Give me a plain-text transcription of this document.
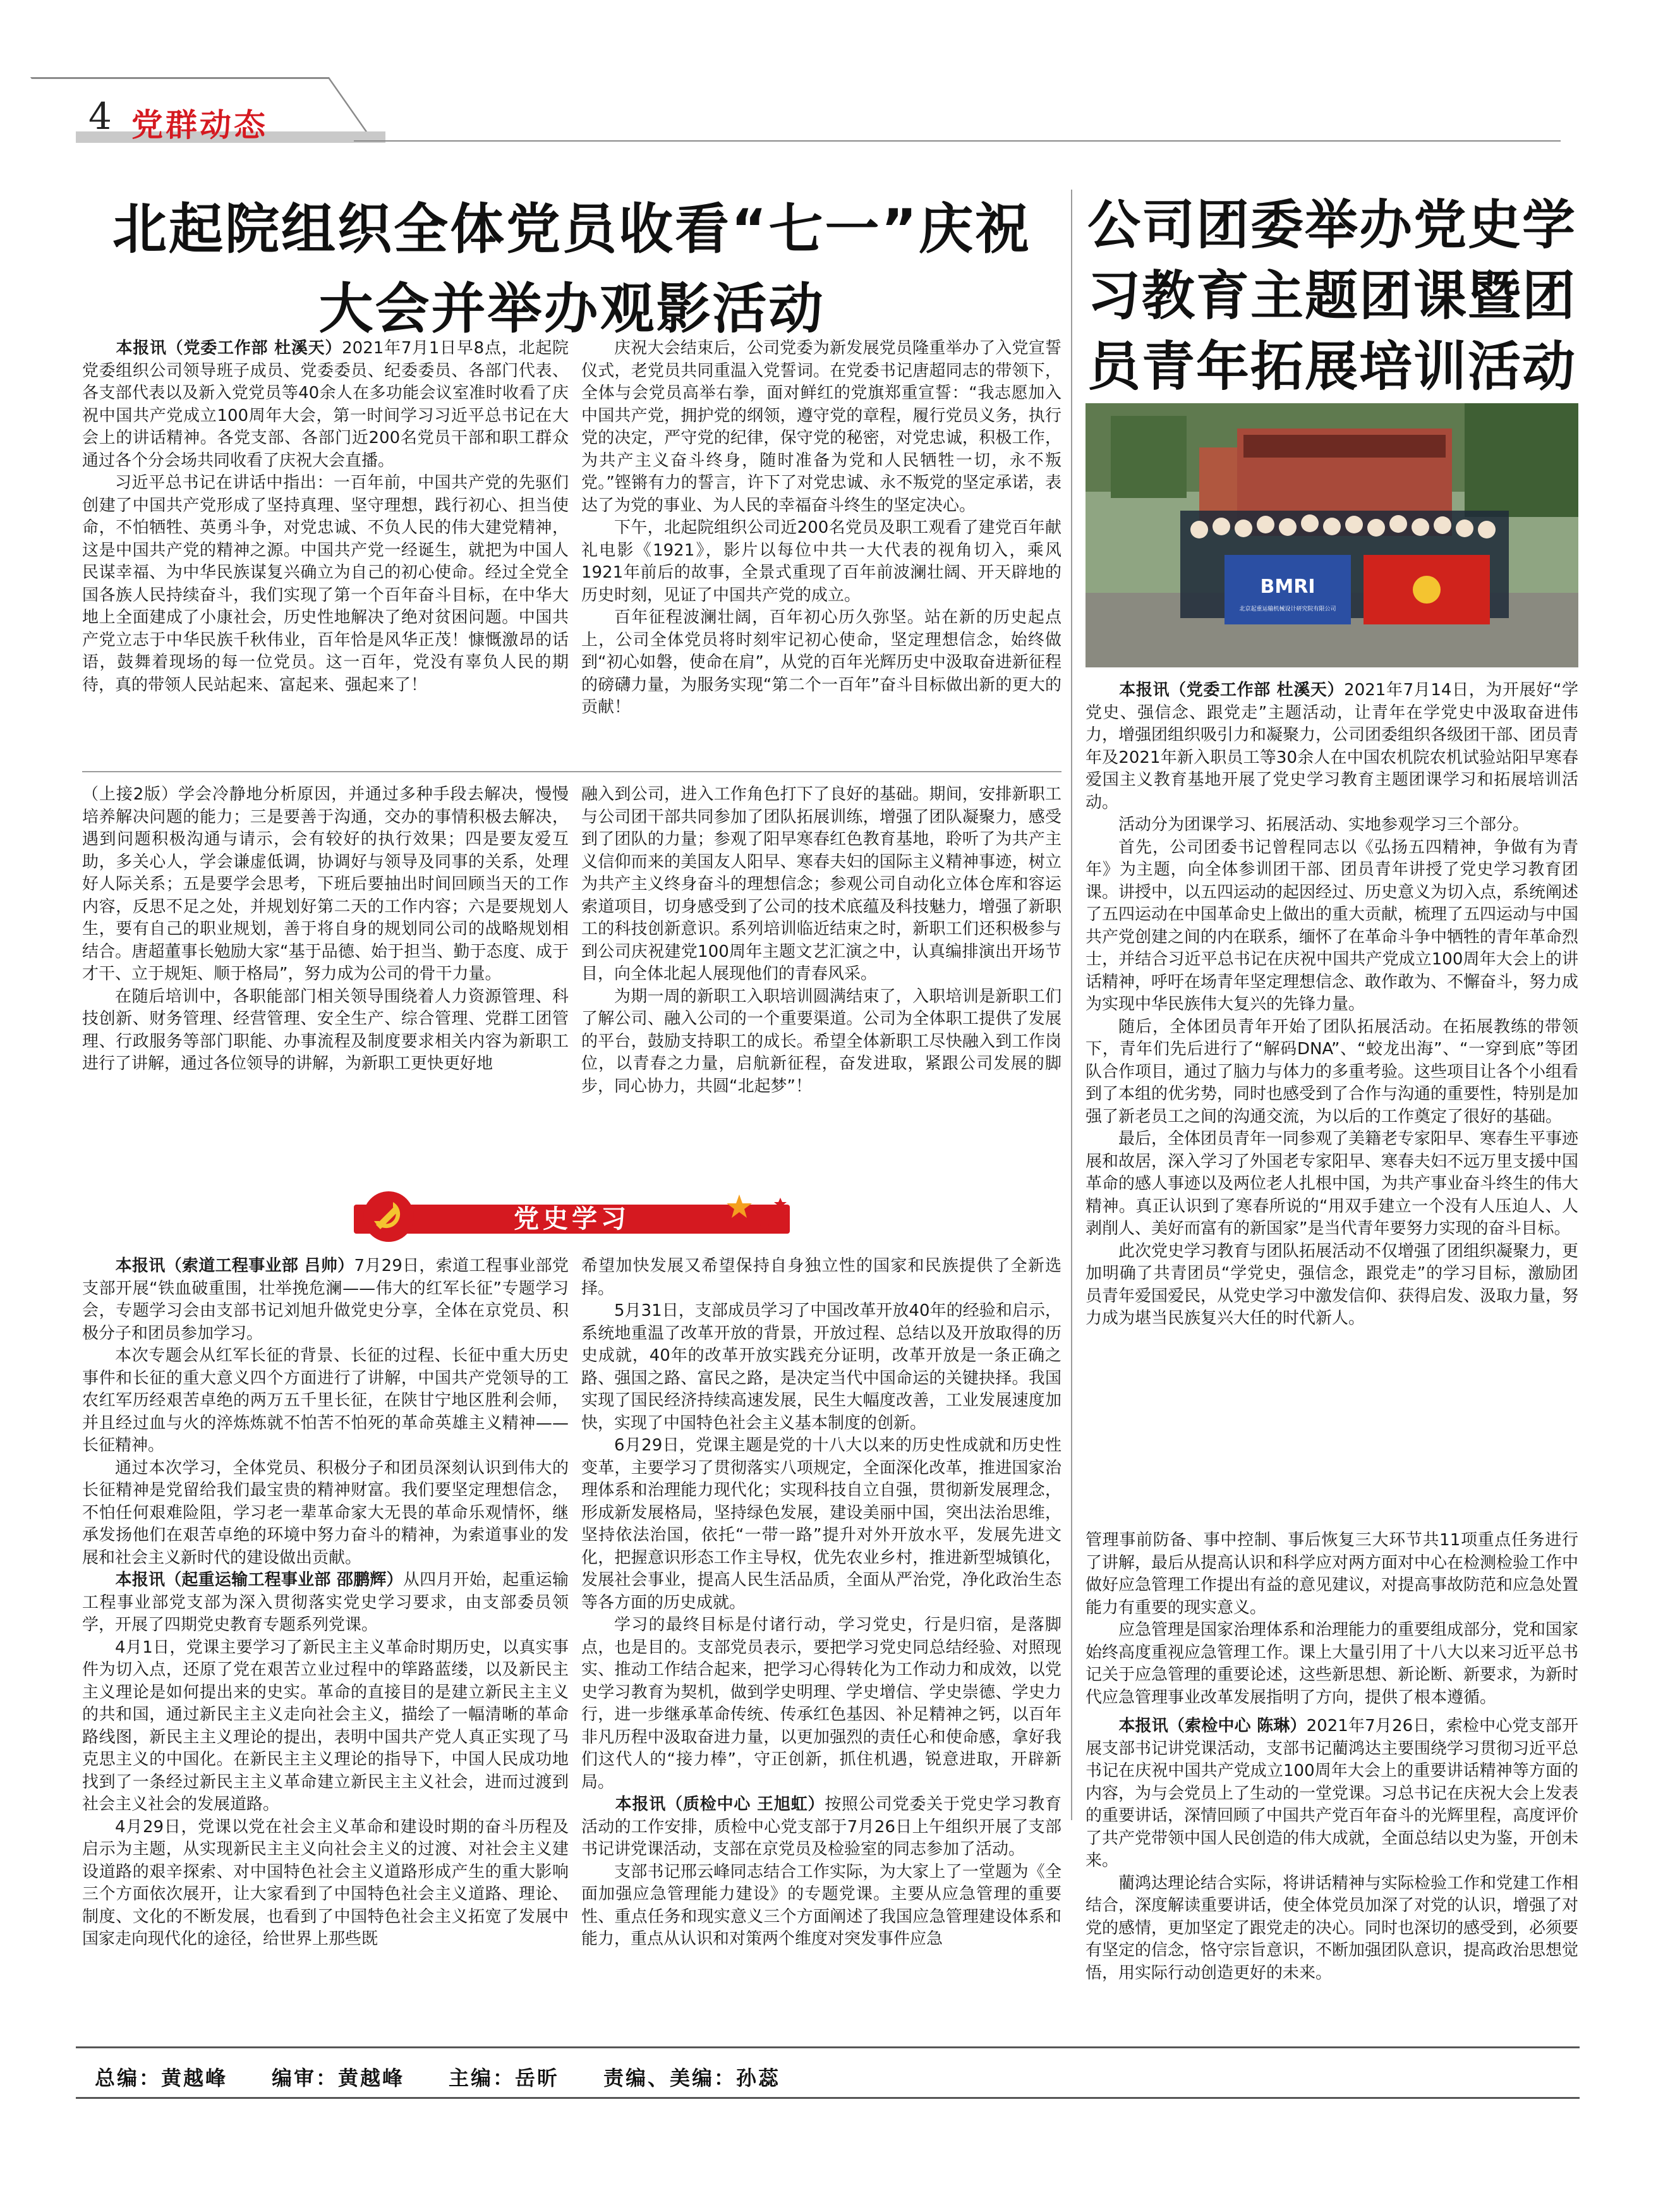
4 党群动态
北起院组织全体党员收看“七一”庆祝
大会并举办观影活动
公司团委举办党史学
习教育主题团课暨团
员青年拓展培训活动

　　本报讯（党委工作部 杜溪天）2021年7月1日早8点，北起院党委组织公司领导班子成员、党委委员、纪委委员、各部门代表、各支部代表以及新入党党员等40余人在多功能会议室准时收看了庆祝中国共产党成立100周年大会，第一时间学习习近平总书记在大会上的讲话精神。各党支部、各部门近200名党员干部和职工群众通过各个分会场共同收看了庆祝大会直播。

习近平总书记在讲话中指出：一百年前，中国共产党的先驱们创建了中国共产党形成了坚持真理、坚守理想，践行初心、担当使命，不怕牺牲、英勇斗争，对党忠诚、不负人民的伟大建党精神，这是中国共产党的精神之源。中国共产党一经诞生，就把为中国人民谋幸福、为中华民族谋复兴确立为自己的初心使命。经过全党全国各族人民持续奋斗，我们实现了第一个百年奋斗目标，在中华大地上全面建成了小康社会，历史性地解决了绝对贫困问题。中国共产党立志于中华民族千秋伟业，百年恰是风华正茂！慷慨激昂的话语，鼓舞着现场的每一位党员。这一百年，党没有辜负人民的期待，真的带领人民站起来、富起来、强起来了！

庆祝大会结束后，公司党委为新发展党员隆重举办了入党宣誓仪式，老党员共同重温入党誓词。在党委书记唐超同志的带领下，全体与会党员高举右拳，面对鲜红的党旗郑重宣誓：“我志愿加入中国共产党，拥护党的纲领，遵守党的章程，履行党员义务，执行党的决定，严守党的纪律，保守党的秘密，对党忠诚，积极工作，为共产主义奋斗终身，随时准备为党和人民牺牲一切，永不叛党。”铿锵有力的誓言，许下了对党忠诚、永不叛党的坚定承诺，表达了为党的事业、为人民的幸福奋斗终生的坚定决心。

下午，北起院组织公司近200名党员及职工观看了建党百年献礼电影《1921》，影片以每位中共一大代表的视角切入，乘风1921年前后的故事，全景式重现了百年前波澜壮阔、开天辟地的历史时刻，见证了中国共产党的成立。

百年征程波澜壮阔，百年初心历久弥坚。站在新的历史起点上，公司全体党员将时刻牢记初心使命，坚定理想信念，始终做到“初心如磐，使命在肩”，从党的百年光辉历史中汲取奋进新征程的磅礴力量，为服务实现“第二个一百年”奋斗目标做出新的更大的贡献！

（上接2版）学会冷静地分析原因，并通过多种手段去解决，慢慢培养解决问题的能力；三是要善于沟通，交办的事情积极去解决，遇到问题积极沟通与请示，会有较好的执行效果；四是要友爱互助，多关心人，学会谦虚低调，协调好与领导及同事的关系，处理好人际关系；五是要学会思考，下班后要抽出时间回顾当天的工作内容，反思不足之处，并规划好第二天的工作内容；六是要规划人生，要有自己的职业规划，善于将自身的规划同公司的战略规划相结合。唐超董事长勉励大家“基于品德、始于担当、勤于态度、成于才干、立于规矩、顺于格局”，努力成为公司的骨干力量。

在随后培训中，各职能部门相关领导围绕着人力资源管理、科技创新、财务管理、经营管理、安全生产、综合管理、党群工团管理、行政服务等部门职能、办事流程及制度要求相关内容为新职工进行了讲解，通过各位领导的讲解，为新职工更快更好地

融入到公司，进入工作角色打下了良好的基础。期间，安排新职工与公司团干部共同参加了团队拓展训练，增强了团队凝聚力，感受到了团队的力量；参观了阳早寒春红色教育基地，聆听了为共产主义信仰而来的美国友人阳早、寒春夫妇的国际主义精神事迹，树立为共产主义终身奋斗的理想信念；参观公司自动化立体仓库和容运索道项目，切身感受到了公司的技术底蕴及科技魅力，增强了新职工的科技创新意识。系列培训临近结束之时，新职工们还积极参与到公司庆祝建党100周年主题文艺汇演之中，认真编排演出开场节目，向全体北起人展现他们的青春风采。

为期一周的新职工入职培训圆满结束了，入职培训是新职工们了解公司、融入公司的一个重要渠道。公司为全体职工提供了发展的平台，鼓励支持职工的成长。希望全体新职工尽快融入到工作岗位，以青春之力量，启航新征程，奋发进取，紧跟公司发展的脚步，同心协力，共圆“北起梦”！

BMRI
北京起重运输机械设计研究院有限公司

　　本报讯（党委工作部 杜溪天）2021年7月14日，为开展好“学党史、强信念、跟党走”主题活动，让青年在学党史中汲取奋进伟力，增强团组织吸引力和凝聚力，公司团委组织各级团干部、团员青年及2021年新入职员工等30余人在中国农机院农机试验站阳早寒春爱国主义教育基地开展了党史学习教育主题团课学习和拓展培训活动。

活动分为团课学习、拓展活动、实地参观学习三个部分。

首先，公司团委书记曾程同志以《弘扬五四精神，争做有为青年》为主题，向全体参训团干部、团员青年讲授了党史学习教育团课。讲授中，以五四运动的起因经过、历史意义为切入点，系统阐述了五四运动在中国革命史上做出的重大贡献，梳理了五四运动与中国共产党创建之间的内在联系，缅怀了在革命斗争中牺牲的青年革命烈士，并结合习近平总书记在庆祝中国共产党成立100周年大会上的讲话精神，呼吁在场青年坚定理想信念、敢作敢为、不懈奋斗，努力成为实现中华民族伟大复兴的先锋力量。

随后，全体团员青年开始了团队拓展活动。在拓展教练的带领下，青年们先后进行了“解码DNA”、“蛟龙出海”、“一穿到底”等团队合作项目，通过了脑力与体力的多重考验。这些项目让各个小组看到了本组的优劣势，同时也感受到了合作与沟通的重要性，特别是加强了新老员工之间的沟通交流，为以后的工作奠定了很好的基础。

最后，全体团员青年一同参观了美籍老专家阳早、寒春生平事迹展和故居，深入学习了外国老专家阳早、寒春夫妇不远万里支援中国革命的感人事迹以及两位老人扎根中国，为共产事业奋斗终生的伟大精神。真正认识到了寒春所说的“用双手建立一个没有人压迫人、人剥削人、美好而富有的新国家”是当代青年要努力实现的奋斗目标。

此次党史学习教育与团队拓展活动不仅增强了团组织凝聚力，更加明确了共青团员“学党史，强信念，跟党走”的学习目标，激励团员青年爱国爱民，从党史学习中激发信仰、获得启发、汲取力量，努力成为堪当民族复兴大任的时代新人。

党史学习

　　本报讯（索道工程事业部 吕帅）7月29日，索道工程事业部党支部开展“铁血破重围，壮举挽危澜——伟大的红军长征”专题学习会，专题学习会由支部书记刘旭升做党史分享，全体在京党员、积极分子和团员参加学习。

本次专题会从红军长征的背景、长征的过程、长征中重大历史事件和长征的重大意义四个方面进行了讲解，中国共产党领导的工农红军历经艰苦卓绝的两万五千里长征，在陕甘宁地区胜利会师，并且经过血与火的淬炼炼就不怕苦不怕死的革命英雄主义精神——长征精神。

通过本次学习，全体党员、积极分子和团员深刻认识到伟大的长征精神是党留给我们最宝贵的精神财富。我们要坚定理想信念，不怕任何艰难险阻，学习老一辈革命家大无畏的革命乐观情怀，继承发扬他们在艰苦卓绝的环境中努力奋斗的精神，为索道事业的发展和社会主义新时代的建设做出贡献。

　　本报讯（起重运输工程事业部 邵鹏辉）从四月开始，起重运输工程事业部党支部为深入贯彻落实党史学习要求，由支部委员领学，开展了四期党史教育专题系列党课。

4月1日，党课主要学习了新民主主义革命时期历史，以真实事件为切入点，还原了党在艰苦立业过程中的筚路蓝缕，以及新民主主义理论是如何提出来的史实。革命的直接目的是建立新民主主义的共和国，通过新民主主义走向社会主义，描绘了一幅清晰的革命路线图，新民主主义理论的提出，表明中国共产党人真正实现了马克思主义的中国化。在新民主主义理论的指导下，中国人民成功地找到了一条经过新民主主义革命建立新民主主义社会，进而过渡到社会主义社会的发展道路。

4月29日，党课以党在社会主义革命和建设时期的奋斗历程及启示为主题，从实现新民主主义向社会主义的过渡、对社会主义建设道路的艰辛探索、对中国特色社会主义道路形成产生的重大影响三个方面依次展开，让大家看到了中国特色社会主义道路、理论、制度、文化的不断发展，也看到了中国特色社会主义拓宽了发展中国家走向现代化的途径，给世界上那些既

希望加快发展又希望保持自身独立性的国家和民族提供了全新选择。

5月31日，支部成员学习了中国改革开放40年的经验和启示，系统地重温了改革开放的背景，开放过程、总结以及开放取得的历史成就，40年的改革开放实践充分证明，改革开放是一条正确之路、强国之路、富民之路，是决定当代中国命运的关键抉择。我国实现了国民经济持续高速发展，民生大幅度改善，工业发展速度加快，实现了中国特色社会主义基本制度的创新。

6月29日，党课主题是党的十八大以来的历史性成就和历史性变革，主要学习了贯彻落实八项规定，全面深化改革，推进国家治理体系和治理能力现代化；实现科技自立自强，贯彻新发展理念，形成新发展格局，坚持绿色发展，建设美丽中国，突出法治思维，坚持依法治国，依托“一带一路”提升对外开放水平，发展先进文化，把握意识形态工作主导权，优先农业乡村，推进新型城镇化，发展社会事业，提高人民生活品质，全面从严治党，净化政治生态等各方面的历史成就。

学习的最终目标是付诸行动，学习党史，行是归宿，是落脚点，也是目的。支部党员表示，要把学习党史同总结经验、对照现实、推动工作结合起来，把学习心得转化为工作动力和成效，以党史学习教育为契机，做到学史明理、学史增信、学史崇德、学史力行，进一步继承革命传统、传承红色基因、补足精神之钙，以百年非凡历程中汲取奋进力量，以更加强烈的责任心和使命感，拿好我们这代人的“接力棒”，守正创新，抓住机遇，锐意进取，开辟新局。

　　本报讯（质检中心 王旭虹）按照公司党委关于党史学习教育活动的工作安排，质检中心党支部于7月26日上午组织开展了支部书记讲党课活动，支部在京党员及检验室的同志参加了活动。

支部书记邢云峰同志结合工作实际，为大家上了一堂题为《全面加强应急管理能力建设》的专题党课。主要从应急管理的重要性、重点任务和现实意义三个方面阐述了我国应急管理建设体系和能力，重点从认识和对策两个维度对突发事件应急

管理事前防备、事中控制、事后恢复三大环节共11项重点任务进行了讲解，最后从提高认识和科学应对两方面对中心在检测检验工作中做好应急管理工作提出有益的意见建议，对提高事故防范和应急处置能力有重要的现实意义。

应急管理是国家治理体系和治理能力的重要组成部分，党和国家始终高度重视应急管理工作。课上大量引用了十八大以来习近平总书记关于应急管理的重要论述，这些新思想、新论断、新要求，为新时代应急管理事业改革发展指明了方向，提供了根本遵循。

　　本报讯（索检中心 陈琳）2021年7月26日，索检中心党支部开展支部书记讲党课活动，支部书记藺鸿达主要围绕学习贯彻习近平总书记在庆祝中国共产党成立100周年大会上的重要讲话精神等方面的内容，为与会党员上了生动的一堂党课。习总书记在庆祝大会上发表的重要讲话，深情回顾了中国共产党百年奋斗的光辉里程，高度评价了共产党带领中国人民创造的伟大成就，全面总结以史为鉴，开创未来。

藺鸿达理论结合实际，将讲话精神与实际检验工作和党建工作相结合，深度解读重要讲话，使全体党员加深了对党的认识，增强了对党的感情，更加坚定了跟党走的决心。同时也深切的感受到，必须要有坚定的信念，恪守宗旨意识，不断加强团队意识，提高政治思想觉悟，用实际行动创造更好的未来。

总编：黄越峰　　编审：黄越峰　　主编：岳昕　　责编、美编：孙蕊
